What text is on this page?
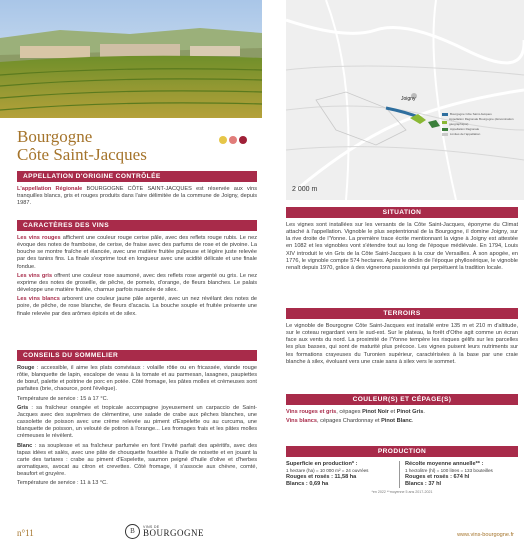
Bourgogne
Côte Saint-Jacques
APPELLATION D'ORIGINE CONTRÔLÉE

L'appellation Régionale BOURGOGNE CÔTE SAINT-JACQUES est réservée aux vins tranquilles blancs, gris et rouges produits dans l'aire délimitée de la commune de Joigny, depuis 1987.

CARACTÈRES DES VINS

Les vins rouges affichent une couleur rouge cerise pâle, avec des reflets rouge rubis. Le nez évoque des notes de framboise, de cerise, de fraise avec des parfums de rose et de pivoine. La bouche se montre fraîche et élancée, avec une matière fruitée pulpeuse et légère juste relevée par des tanins fins. La finale s'exprime tout en longueur avec une acidité délicate et une finale fondue.

Les vins gris offrent une couleur rose saumoné, avec des reflets rose argenté ou gris. Le nez exprime des notes de groseille, de pêche, de pomelo, d'orange, de fleurs blanches. Le palais développe une matière fruitée, charnue parfois nuancée de silex.

Les vins blancs arborent une couleur jaune pâle argenté, avec un nez révélant des notes de poire, de pêche, de rose blanche, de fleurs d'acacia. La bouche souple et fruitée présente une finale relevée par des arômes épicés et de silex.

CONSEILS DU SOMMELIER

Rouge : accessible, il aime les plats conviviaux : volaille rôtie ou en fricassée, viande rouge rôtie, blanquette de lapin, escalope de veau à la tomate et au parmesan, lasagnes, paupiettes de bœuf, palette et poitrine de porc en potée. Côté fromage, les pâtes molles et crémeuses sont parfaites (brie, chaource, pont l'évêque).

Température de service : 15 à 17 °C.

Gris : sa fraîcheur orangée et tropicale accompagne joyeusement un carpaccio de Saint-Jacques avec des suprêmes de clémentine, une salade de crabe aux pêches blanches, une cassolette de poisson avec une crème relevée au piment d'Espelette ou au curcuma, une blanquette de poisson, un velouté de potiron à l'orange... Les fromages frais et les pâtes molles crémeuses le révèlent.

Blanc : sa souplesse et sa fraîcheur parfumée en font l'invité parfait des apéritifs, avec des tapas idées et salés, avec une pâte de chouquette fouettée à l'huile de noisette et en jouant la carte des tartares : crabe au piment d'Espelette, saumon peigné d'huile d'olive et d'herbes aromatiques, avocat au citron et crevettes. Côté fromage, il s'associe aux chèvre, comté, beaufort et gruyère.

Température de service : 11 à 13 °C.

n°11	B
VINS DE
BOURGOGNE
Joigny
Bourgogne Côte Saint-Jacques
Appellation Régionale Bourgogne (dénomination géographique)
Appellation Régionale
Limites de l'appellation
2 000 m
SITUATION

Les vignes sont installées sur les versants de la Côte Saint-Jacques, éponyme du Climat attaché à l'appellation. Vignoble le plus septentrional de la Bourgogne, il domine Joigny, sur la rive droite de l'Yonne. La première trace écrite mentionnant la vigne à Joigny est attestée en 1082 et les vignobles vont s'étendre tout au long de l'époque médiévale. En 1794, Louis XIV introduit le vin Gris de la Côte Saint-Jacques à la cour de Versailles. À son apogée, en 1776, le vignoble compte 574 hectares. Après le déclin de l'époque phylloxérique, le vignoble renaît depuis 1970, grâce à des vignerons passionnés qui perpétuent la tradition locale.

TERROIRS

Le vignoble de Bourgogne Côte Saint-Jacques est installé entre 135 m et 210 m d'altitude, sur le coteau regardant vers le sud-est. Sur le plateau, la forêt d'Othe agit comme un écran face aux vents du nord. La proximité de l'Yonne tempère les risques gélifs sur les parcelles les plus basses, qui sont de maturité plus précoce. Les vignes puisent leurs nutriments sur les formations crayeuses du Turonien supérieur, caractérisées à la base par une craie blanche à silex, évoluant vers une craie sans à silex vers le sommet.

COULEUR(S) ET CÉPAGE(S)

Vins rouges et gris, cépages Pinot Noir et Pinot Gris.

Vins blancs, cépages Chardonnay et Pinot Blanc.

PRODUCTION
Superficie en production* :
1 hectare (ha) = 10 000 m² = 24 ouvrées
Rouges et rosés : 11,58 ha
Blancs : 0,69 ha
Récolte moyenne annuelle** :
1 hectolitre (hl) = 100 litres = 133 bouteilles
Rouges et rosés : 674 hl
Blancs : 37 hl
*en 2022 **moyenne 5 ans 2017-2021
www.vins-bourgogne.fr
